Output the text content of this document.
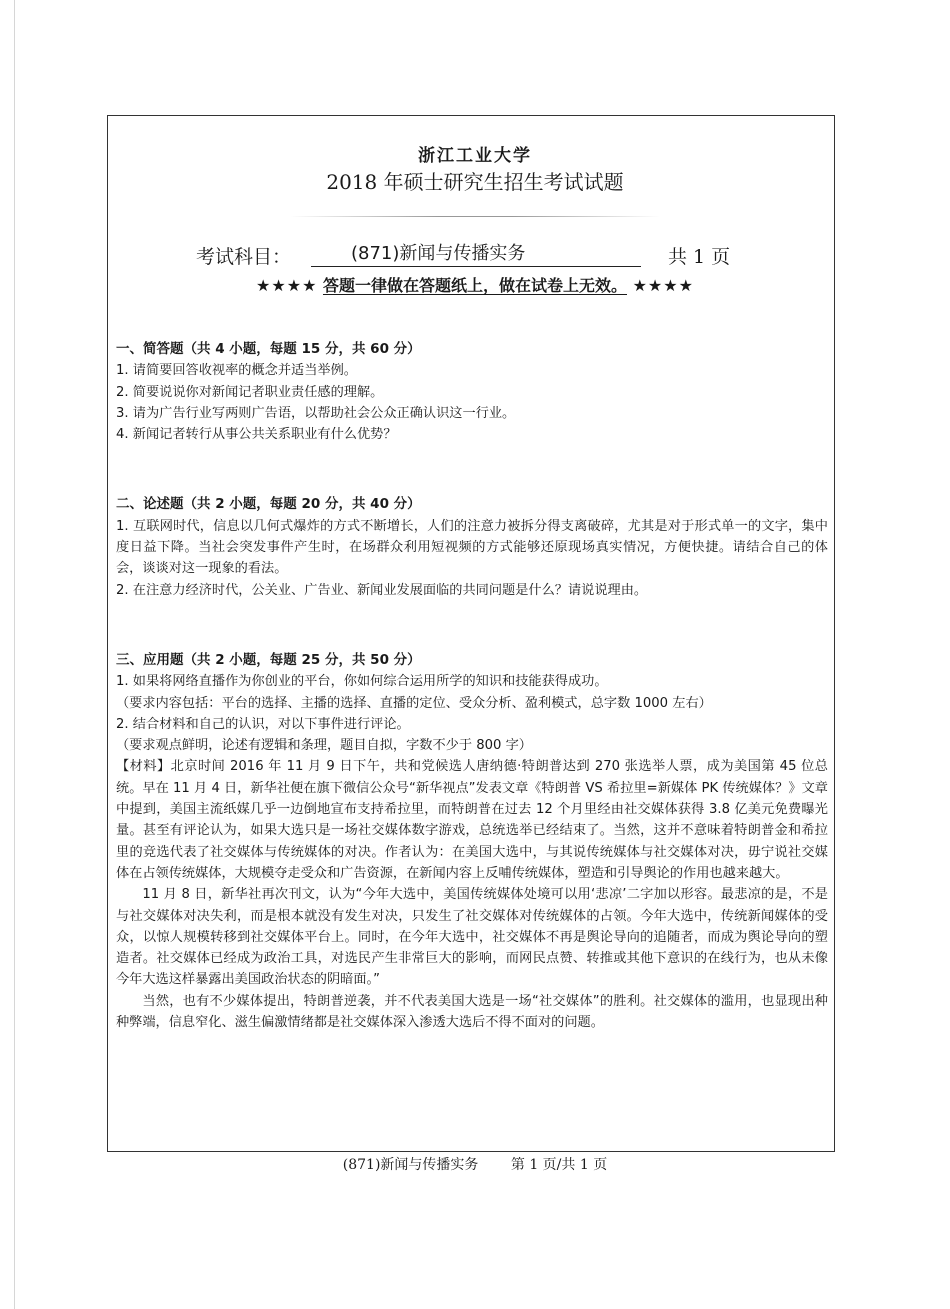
浙江工业大学
2018 年硕士研究生招生考试试题
考试科目：	(871)新闻与传播实务	共 1 页
★★★★ 答题一律做在答题纸上，做在试卷上无效。 ★★★★
一、简答题（共 4 小题，每题 15 分，共 60 分）
1. 请简要回答收视率的概念并适当举例。
2. 简要说说你对新闻记者职业责任感的理解。
3. 请为广告行业写两则广告语，以帮助社会公众正确认识这一行业。
4. 新闻记者转行从事公共关系职业有什么优势？
二、论述题（共 2 小题，每题 20 分，共 40 分）
1. 互联网时代，信息以几何式爆炸的方式不断增长，人们的注意力被拆分得支离破碎，尤其是对于形式单一的文字，集中度日益下降。当社会突发事件产生时，在场群众利用短视频的方式能够还原现场真实情况，方便快捷。请结合自己的体会，谈谈对这一现象的看法。
2. 在注意力经济时代，公关业、广告业、新闻业发展面临的共同问题是什么？请说说理由。
三、应用题（共 2 小题，每题 25 分，共 50 分）
1. 如果将网络直播作为你创业的平台，你如何综合运用所学的知识和技能获得成功。
（要求内容包括：平台的选择、主播的选择、直播的定位、受众分析、盈利模式，总字数 1000 左右）
2. 结合材料和自己的认识，对以下事件进行评论。
（要求观点鲜明，论述有逻辑和条理，题目自拟，字数不少于 800 字）
【材料】北京时间 2016 年 11 月 9 日下午，共和党候选人唐纳德·特朗普达到 270 张选举人票，成为美国第 45 位总统。早在 11 月 4 日，新华社便在旗下微信公众号“新华视点”发表文章《特朗普 VS 希拉里=新媒体 PK 传统媒体？》文章中提到，美国主流纸媒几乎一边倒地宣布支持希拉里，而特朗普在过去 12 个月里经由社交媒体获得 3.8 亿美元免费曝光量。甚至有评论认为，如果大选只是一场社交媒体数字游戏，总统选举已经结束了。当然，这并不意味着特朗普金和希拉里的竞选代表了社交媒体与传统媒体的对决。作者认为：在美国大选中，与其说传统媒体与社交媒体对决，毋宁说社交媒体在占领传统媒体，大规模夺走受众和广告资源，在新闻内容上反哺传统媒体，塑造和引导舆论的作用也越来越大。
11 月 8 日，新华社再次刊文，认为“今年大选中，美国传统媒体处境可以用‘悲凉’二字加以形容。最悲凉的是，不是与社交媒体对决失利，而是根本就没有发生对决，只发生了社交媒体对传统媒体的占领。今年大选中，传统新闻媒体的受众，以惊人规模转移到社交媒体平台上。同时，在今年大选中，社交媒体不再是舆论导向的追随者，而成为舆论导向的塑造者。社交媒体已经成为政治工具，对选民产生非常巨大的影响，而网民点赞、转推或其他下意识的在线行为，也从未像今年大选这样暴露出美国政治状态的阴暗面。”
当然，也有不少媒体提出，特朗普逆袭，并不代表美国大选是一场“社交媒体”的胜利。社交媒体的滥用，也显现出种种弊端，信息窄化、滋生偏激情绪都是社交媒体深入渗透大选后不得不面对的问题。
(871)新闻与传播实务 第 1 页/共 1 页
